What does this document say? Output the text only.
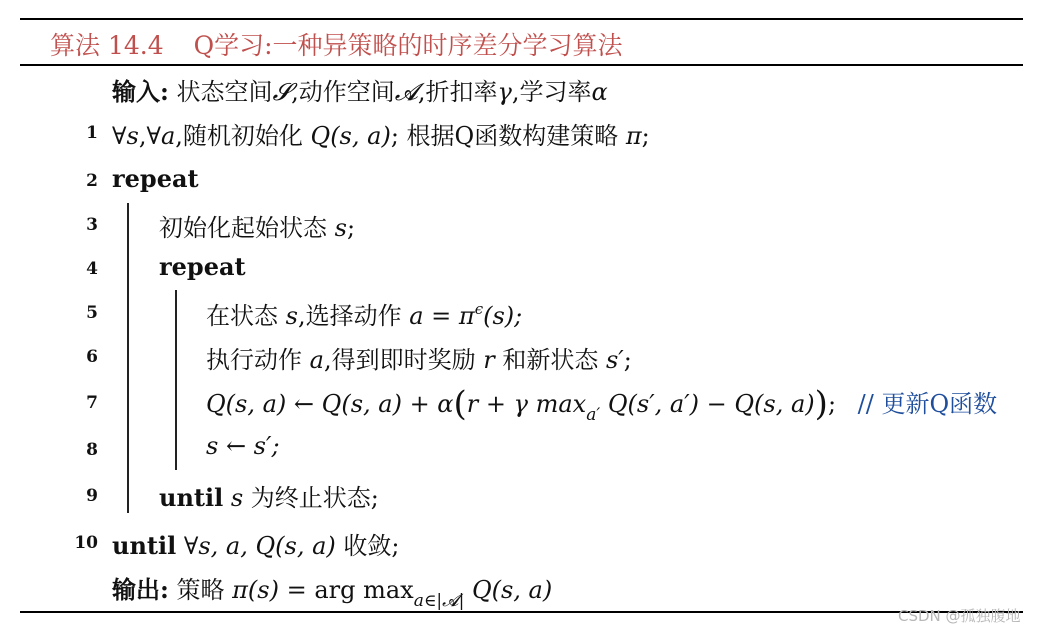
算法 14.4 Q学习:一种异策略的时序差分学习算法
输入: 状态空间𝓢,动作空间𝓐,折扣率γ,学习率α
1
2
3
4
5
6
7
8
9
10
∀s,∀a,随机初始化 Q(s, a); 根据Q函数构建策略 π;
repeat
初始化起始状态 s;
repeat
在状态 s,选择动作 $a = \pi^\epsilon(s)$;
执行动作 a,得到即时奖励 r 和新状态 s′;
Q(s, a) ← Q(s, a) + α(r + γ $\max_{a'} Q(s'$, a′) − Q(s, a)); // 更新Q函数
s ← s′;
until s 为终止状态;
until ∀s, a, Q(s, a) 收敛;
输出: 策略 π(s) = arg $\max_{a\in|𝓐|} Q(s$, a)
CSDN @孤独腹地
